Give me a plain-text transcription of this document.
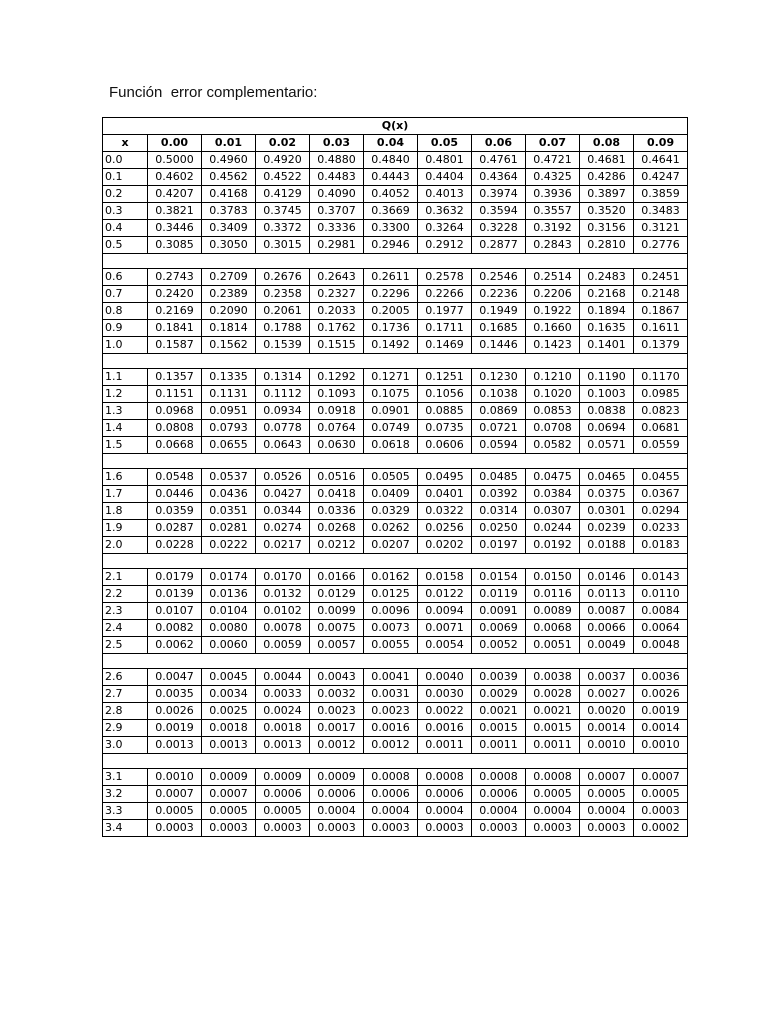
Función  error complementario:

Q(x)										
x	0.00	0.01	0.02	0.03	0.04	0.05	0.06	0.07	0.08	0.09
0.0	0.5000	0.4960	0.4920	0.4880	0.4840	0.4801	0.4761	0.4721	0.4681	0.4641
0.1	0.4602	0.4562	0.4522	0.4483	0.4443	0.4404	0.4364	0.4325	0.4286	0.4247
0.2	0.4207	0.4168	0.4129	0.4090	0.4052	0.4013	0.3974	0.3936	0.3897	0.3859
0.3	0.3821	0.3783	0.3745	0.3707	0.3669	0.3632	0.3594	0.3557	0.3520	0.3483
0.4	0.3446	0.3409	0.3372	0.3336	0.3300	0.3264	0.3228	0.3192	0.3156	0.3121
0.5	0.3085	0.3050	0.3015	0.2981	0.2946	0.2912	0.2877	0.2843	0.2810	0.2776

0.6	0.2743	0.2709	0.2676	0.2643	0.2611	0.2578	0.2546	0.2514	0.2483	0.2451
0.7	0.2420	0.2389	0.2358	0.2327	0.2296	0.2266	0.2236	0.2206	0.2168	0.2148
0.8	0.2169	0.2090	0.2061	0.2033	0.2005	0.1977	0.1949	0.1922	0.1894	0.1867
0.9	0.1841	0.1814	0.1788	0.1762	0.1736	0.1711	0.1685	0.1660	0.1635	0.1611
1.0	0.1587	0.1562	0.1539	0.1515	0.1492	0.1469	0.1446	0.1423	0.1401	0.1379

1.1	0.1357	0.1335	0.1314	0.1292	0.1271	0.1251	0.1230	0.1210	0.1190	0.1170
1.2	0.1151	0.1131	0.1112	0.1093	0.1075	0.1056	0.1038	0.1020	0.1003	0.0985
1.3	0.0968	0.0951	0.0934	0.0918	0.0901	0.0885	0.0869	0.0853	0.0838	0.0823
1.4	0.0808	0.0793	0.0778	0.0764	0.0749	0.0735	0.0721	0.0708	0.0694	0.0681
1.5	0.0668	0.0655	0.0643	0.0630	0.0618	0.0606	0.0594	0.0582	0.0571	0.0559

1.6	0.0548	0.0537	0.0526	0.0516	0.0505	0.0495	0.0485	0.0475	0.0465	0.0455
1.7	0.0446	0.0436	0.0427	0.0418	0.0409	0.0401	0.0392	0.0384	0.0375	0.0367
1.8	0.0359	0.0351	0.0344	0.0336	0.0329	0.0322	0.0314	0.0307	0.0301	0.0294
1.9	0.0287	0.0281	0.0274	0.0268	0.0262	0.0256	0.0250	0.0244	0.0239	0.0233
2.0	0.0228	0.0222	0.0217	0.0212	0.0207	0.0202	0.0197	0.0192	0.0188	0.0183

2.1	0.0179	0.0174	0.0170	0.0166	0.0162	0.0158	0.0154	0.0150	0.0146	0.0143
2.2	0.0139	0.0136	0.0132	0.0129	0.0125	0.0122	0.0119	0.0116	0.0113	0.0110
2.3	0.0107	0.0104	0.0102	0.0099	0.0096	0.0094	0.0091	0.0089	0.0087	0.0084
2.4	0.0082	0.0080	0.0078	0.0075	0.0073	0.0071	0.0069	0.0068	0.0066	0.0064
2.5	0.0062	0.0060	0.0059	0.0057	0.0055	0.0054	0.0052	0.0051	0.0049	0.0048

2.6	0.0047	0.0045	0.0044	0.0043	0.0041	0.0040	0.0039	0.0038	0.0037	0.0036
2.7	0.0035	0.0034	0.0033	0.0032	0.0031	0.0030	0.0029	0.0028	0.0027	0.0026
2.8	0.0026	0.0025	0.0024	0.0023	0.0023	0.0022	0.0021	0.0021	0.0020	0.0019
2.9	0.0019	0.0018	0.0018	0.0017	0.0016	0.0016	0.0015	0.0015	0.0014	0.0014
3.0	0.0013	0.0013	0.0013	0.0012	0.0012	0.0011	0.0011	0.0011	0.0010	0.0010

3.1	0.0010	0.0009	0.0009	0.0009	0.0008	0.0008	0.0008	0.0008	0.0007	0.0007
3.2	0.0007	0.0007	0.0006	0.0006	0.0006	0.0006	0.0006	0.0005	0.0005	0.0005
3.3	0.0005	0.0005	0.0005	0.0004	0.0004	0.0004	0.0004	0.0004	0.0004	0.0003
3.4	0.0003	0.0003	0.0003	0.0003	0.0003	0.0003	0.0003	0.0003	0.0003	0.0002
